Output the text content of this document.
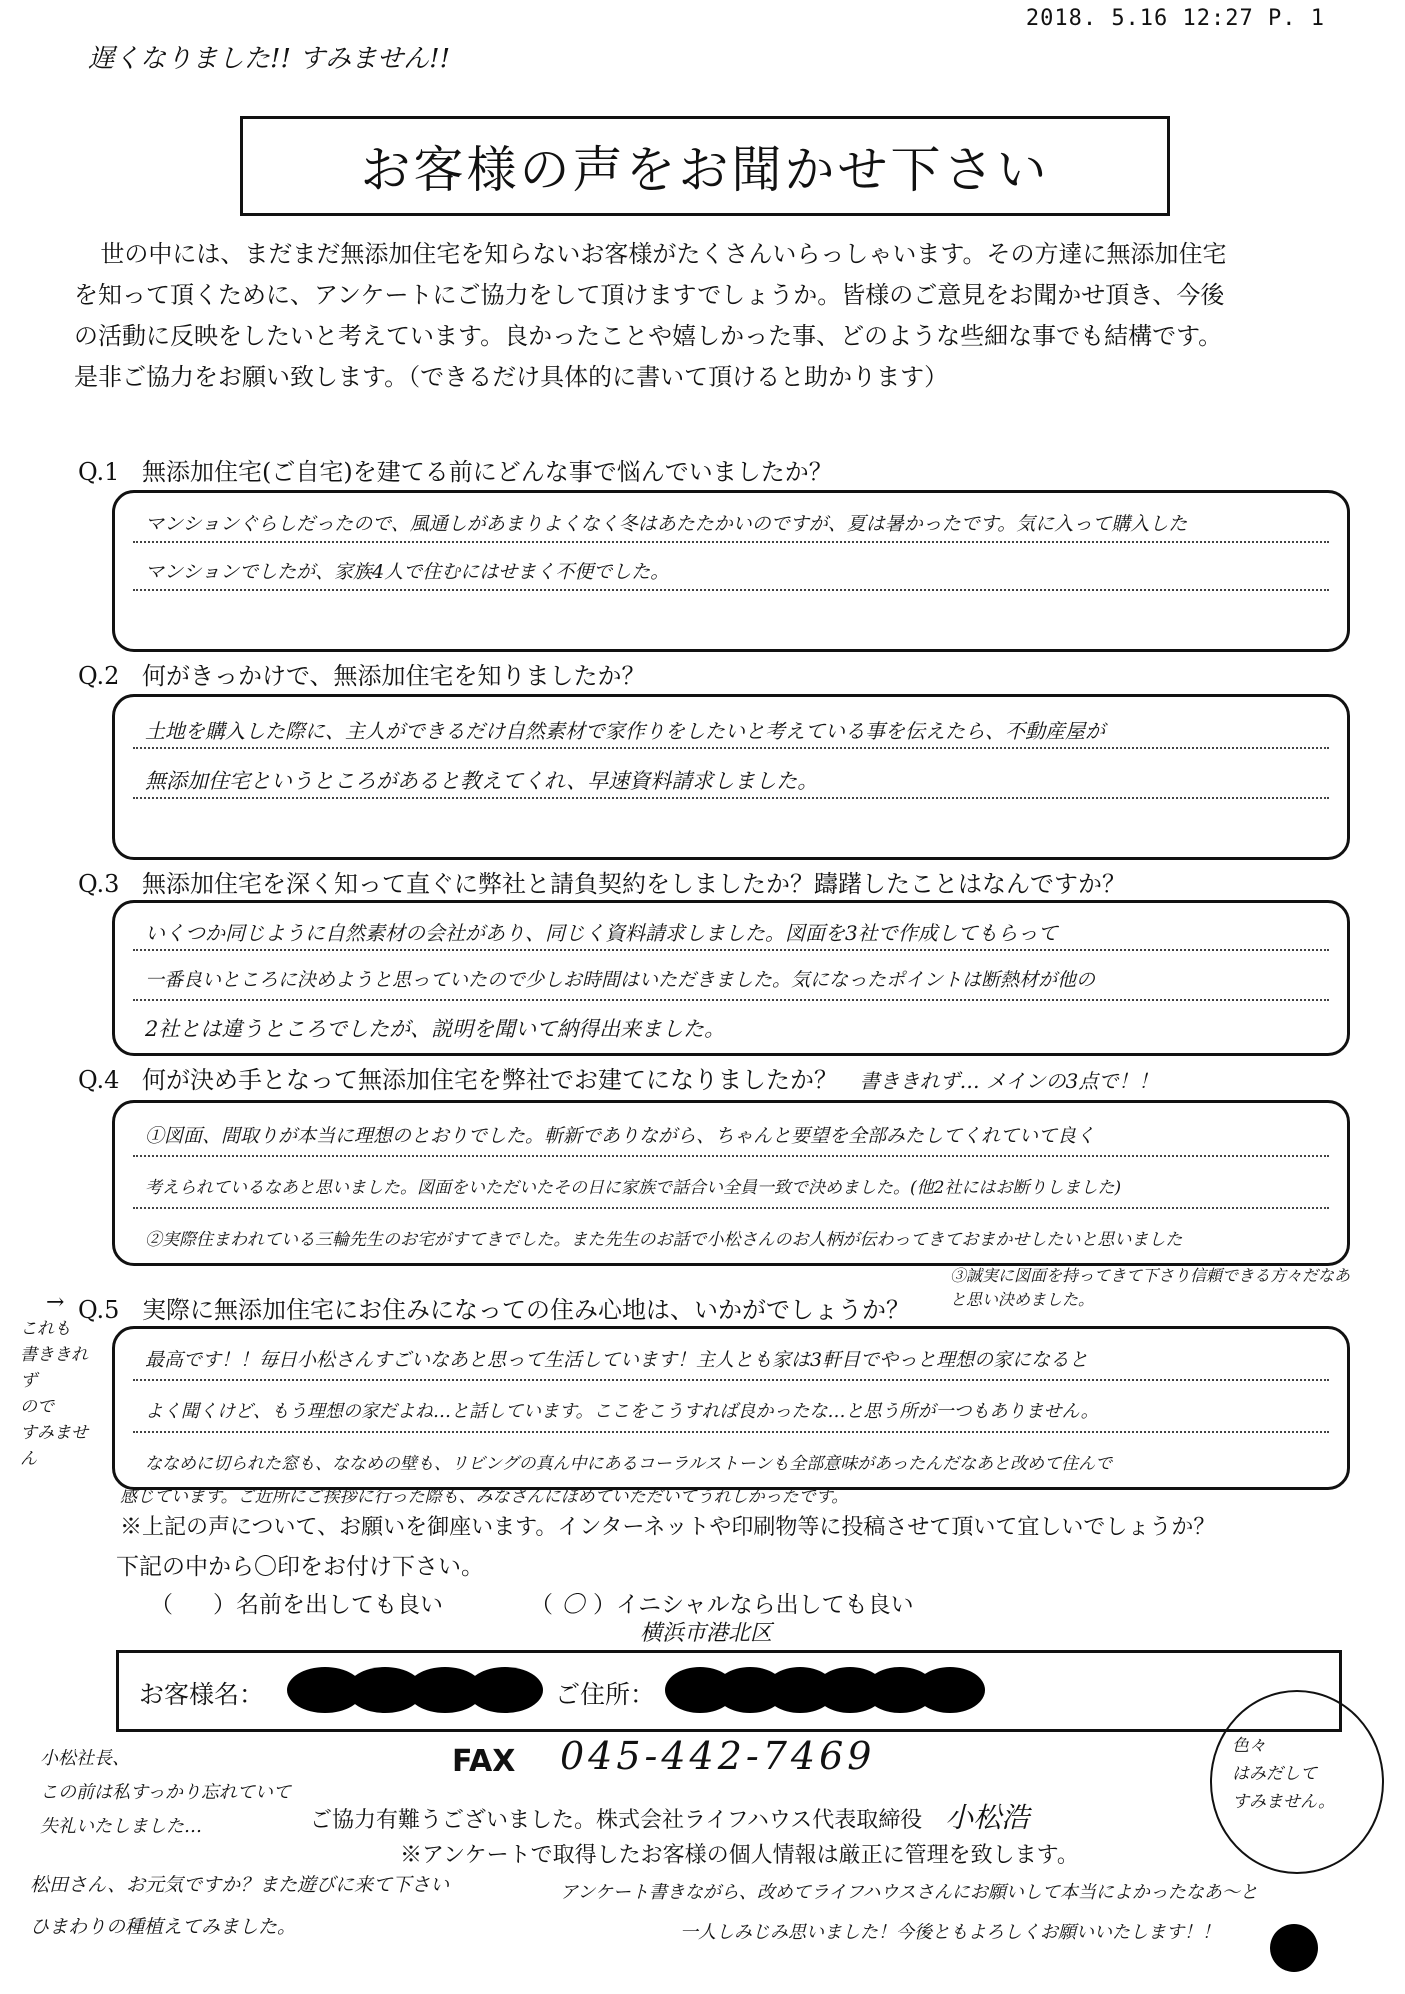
2018. 5.16 12:27 P. 1
遅くなりました!! すみません!!
お客様の声をお聞かせ下さい

世の中には、まだまだ無添加住宅を知らないお客様がたくさんいらっしゃいます。その方達に無添加住宅

を知って頂くために、アンケートにご協力をして頂けますでしょうか。皆様のご意見をお聞かせ頂き、今後

の活動に反映をしたいと考えています。良かったことや嬉しかった事、どのような些細な事でも結構です。

是非ご協力をお願い致します。（できるだけ具体的に書いて頂けると助かります）

Q.1 無添加住宅(ご自宅)を建てる前にどんな事で悩んでいましたか？
マンションぐらしだったので、風通しがあまりよくなく冬はあたたかいのですが、夏は暑かったです。気に入って購入した
マンションでしたが、家族4人で住むにはせまく不便でした。
Q.2 何がきっかけで、無添加住宅を知りましたか？
土地を購入した際に、主人ができるだけ自然素材で家作りをしたいと考えている事を伝えたら、不動産屋が
無添加住宅というところがあると教えてくれ、早速資料請求しました。
Q.3 無添加住宅を深く知って直ぐに弊社と請負契約をしましたか？躊躇したことはなんですか？
いくつか同じように自然素材の会社があり、同じく資料請求しました。図面を3社で作成してもらって
一番良いところに決めようと思っていたので少しお時間はいただきました。気になったポイントは断熱材が他の
2社とは違うところでしたが、説明を聞いて納得出来ました。
Q.4 何が決め手となって無添加住宅を弊社でお建てになりましたか？ 書ききれず… メインの3点で！！
①図面、間取りが本当に理想のとおりでした。斬新でありながら、ちゃんと要望を全部みたしてくれていて良く
考えられているなあと思いました。図面をいただいたその日に家族で話合い全員一致で決めました。(他2社にはお断りしました)
②実際住まわれている三輪先生のお宅がすてきでした。また先生のお話で小松さんのお人柄が伝わってきておまかせしたいと思いました
→ Q.5 実際に無添加住宅にお住みになっての住み心地は、いかがでしょうか？
③誠実に図面を持ってきて下さり信頼できる方々だなあと思い決めました。
最高です！！毎日小松さんすごいなあと思って生活しています！主人とも家は3軒目でやっと理想の家になると
よく聞くけど、もう理想の家だよね…と話しています。ここをこうすれば良かったな…と思う所が一つもありません。
ななめに切られた窓も、ななめの壁も、リビングの真ん中にあるコーラルストーンも全部意味があったんだなあと改めて住んで
感じています。ご近所にご挨拶に行った際も、みなさんにほめていただいてうれしかったです。
これも
書ききれず
ので
すみません
※上記の声について、お願いを御座います。インターネットや印刷物等に投稿させて頂いて宜しいでしょうか？
下記の中から〇印をお付け下さい。
（ ）名前を出しても良い	（ 〇 ）イニシャルなら出しても良い
横浜市港北区
お客様名：	ご住所：
FAX 045-442-7469	色々
はみだして
すみません。
小松社長、
この前は私すっかり忘れていて
失礼いたしました…	ご協力有難うございました。株式会社ライフハウス代表取締役 小松浩
※アンケートで取得したお客様の個人情報は厳正に管理を致します。
松田さん、お元気ですか？また遊びに来て下さい
ひまわりの種植えてみました。
アンケート書きながら、改めてライフハウスさんにお願いして本当によかったなあ～と
一人しみじみ思いました！今後ともよろしくお願いいたします！！
